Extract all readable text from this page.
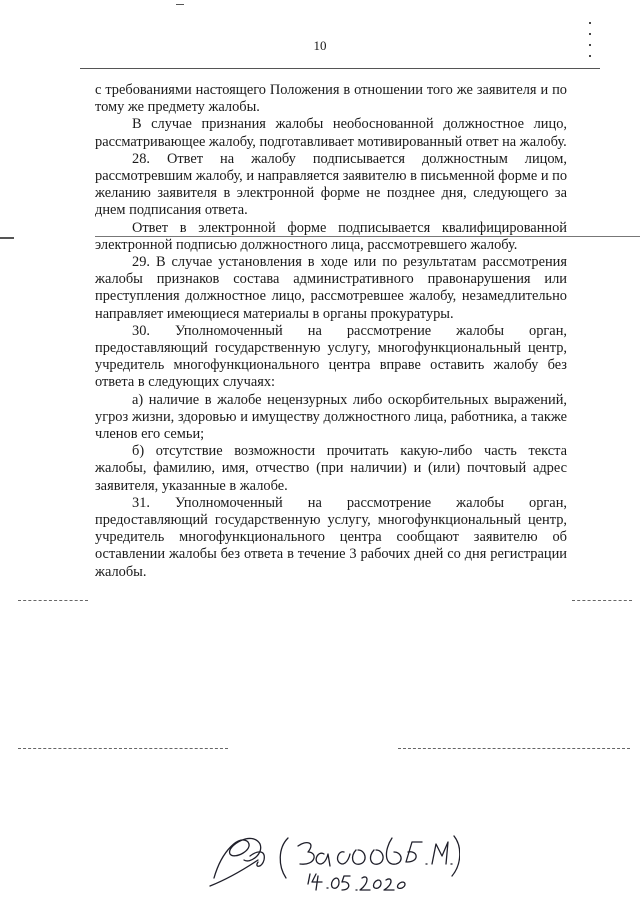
10

с требованиями настоящего Положения в отношении того же заявителя и по тому же предмету жалобы.

В случае признания жалобы необоснованной должностное лицо, рассматривающее жалобу, подготавливает мотивированный ответ на жалобу.

28. Ответ на жалобу подписывается должностным лицом, рассмотревшим жалобу, и направляется заявителю в письменной форме и по желанию заявителя в электронной форме не позднее дня, следующего за днем подписания ответа.

Ответ в электронной форме подписывается квалифицированной электронной подписью должностного лица, рассмотревшего жалобу.

29. В случае установления в ходе или по результатам рассмотрения жалобы признаков состава административного правонарушения или преступления должностное лицо, рассмотревшее жалобу, незамедлительно направляет имеющиеся материалы в органы прокуратуры.

30. Уполномоченный на рассмотрение жалобы орган, предоставляющий государственную услугу, многофункциональный центр, учредитель многофункционального центра вправе оставить жалобу без ответа в следующих случаях:

а) наличие в жалобе нецензурных либо оскорбительных выражений, угроз жизни, здоровью и имуществу должностного лица, работника, а также членов его семьи;

б) отсутствие возможности прочитать какую-либо часть текста жалобы, фамилию, имя, отчество (при наличии) и (или) почтовый адрес заявителя, указанные в жалобе.

31. Уполномоченный на рассмотрение жалобы орган, предоставляющий государственную услугу, многофункциональный центр, учредитель многофункционального центра сообщают заявителю об оставлении жалобы без ответа в течение 3 рабочих дней со дня регистрации жалобы.
